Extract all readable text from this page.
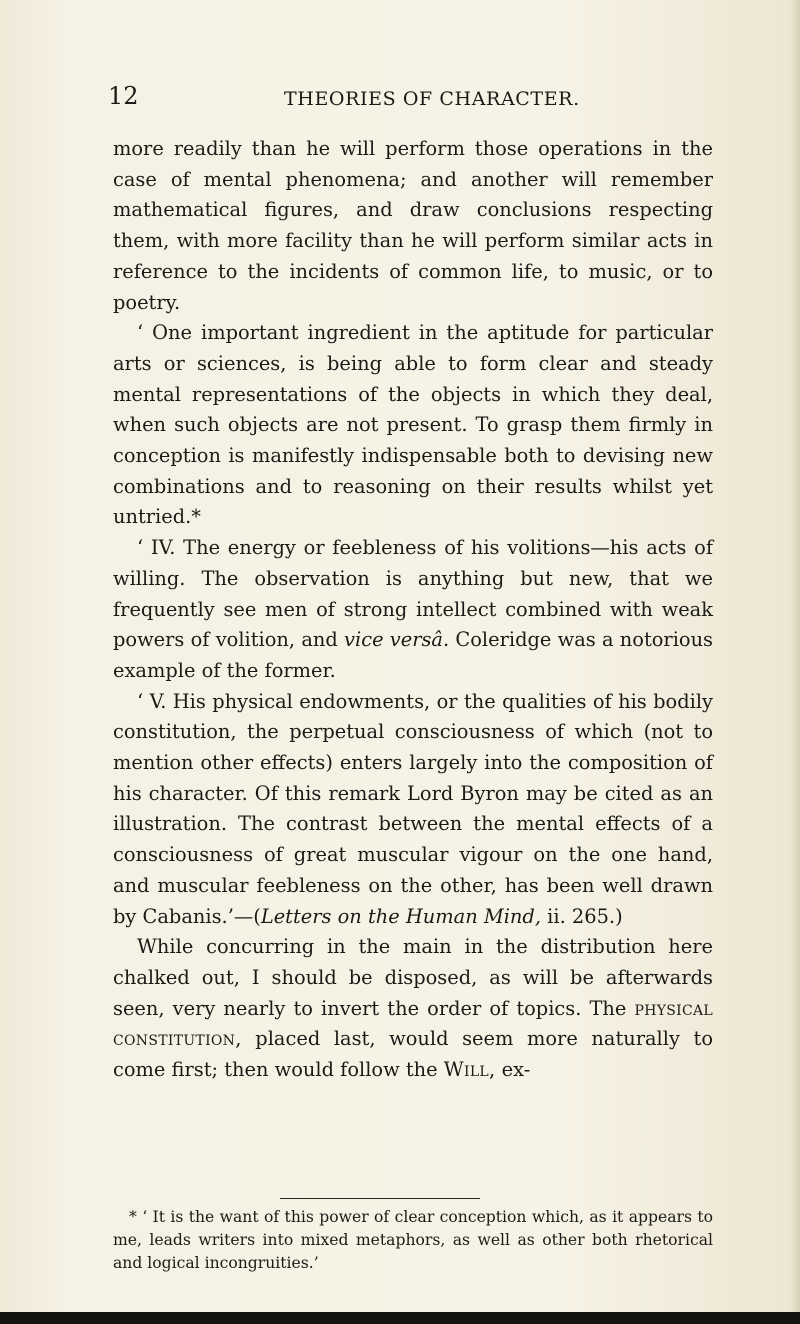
12	THEORIES OF CHARACTER.

more readily than he will perform those operations in the case of mental phenomena; and another will remember mathematical figures, and draw conclusions respecting them, with more facility than he will perform similar acts in reference to the incidents of common life, to music, or to poetry.

‘ One important ingredient in the aptitude for particular arts or sciences, is being able to form clear and steady mental representations of the objects in which they deal, when such objects are not present. To grasp them firmly in conception is manifestly indispensable both to devising new combinations and to reasoning on their results whilst yet untried.*

‘ IV. The energy or feebleness of his volitions—his acts of willing. The observation is anything but new, that we frequently see men of strong intellect combined with weak powers of volition, and vice versâ. Coleridge was a notorious example of the former.

‘ V. His physical endowments, or the qualities of his bodily constitution, the perpetual consciousness of which (not to mention other effects) enters largely into the composition of his character. Of this remark Lord Byron may be cited as an illustration. The contrast between the mental effects of a consciousness of great muscular vigour on the one hand, and muscular feebleness on the other, has been well drawn by Cabanis.’—(Letters on the Human Mind, ii. 265.)

While concurring in the main in the distribution here chalked out, I should be disposed, as will be afterwards seen, very nearly to invert the order of topics. The physical constitution, placed last, would seem more naturally to come first; then would follow the Will, ex-

* ‘ It is the want of this power of clear conception which, as it appears to me, leads writers into mixed metaphors, as well as other both rhetorical and logical incongruities.’
